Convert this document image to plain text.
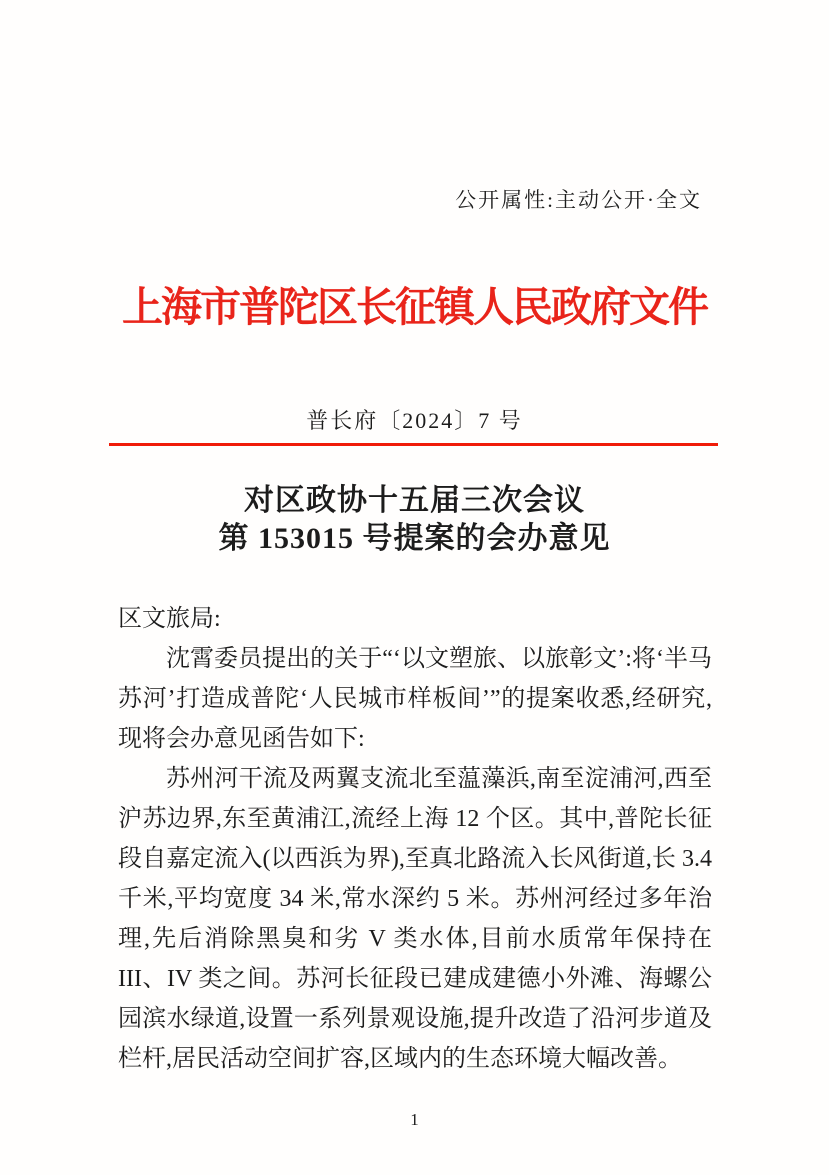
公开属性:主动公开·全文
上海市普陀区长征镇人民政府文件
普长府〔2024〕7 号
对区政协十五届三次会议
第 153015 号提案的会办意见

区文旅局:

沈霄委员提出的关于“‘以文塑旅、以旅彰文’:将‘半马苏河’打造成普陀‘人民城市样板间’”的提案收悉,经研究,现将会办意见函告如下:

苏州河干流及两翼支流北至蕰藻浜,南至淀浦河,西至沪苏边界,东至黄浦江,流经上海 12 个区。其中,普陀长征段自嘉定流入(以西浜为界),至真北路流入长风街道,长 3.4 千米,平均宽度 34 米,常水深约 5 米。苏州河经过多年治理,先后消除黑臭和劣 V 类水体,目前水质常年保持在 III、IV 类之间。苏河长征段已建成建德小外滩、海螺公园滨水绿道,设置一系列景观设施,提升改造了沿河步道及栏杆,居民活动空间扩容,区域内的生态环境大幅改善。

1
